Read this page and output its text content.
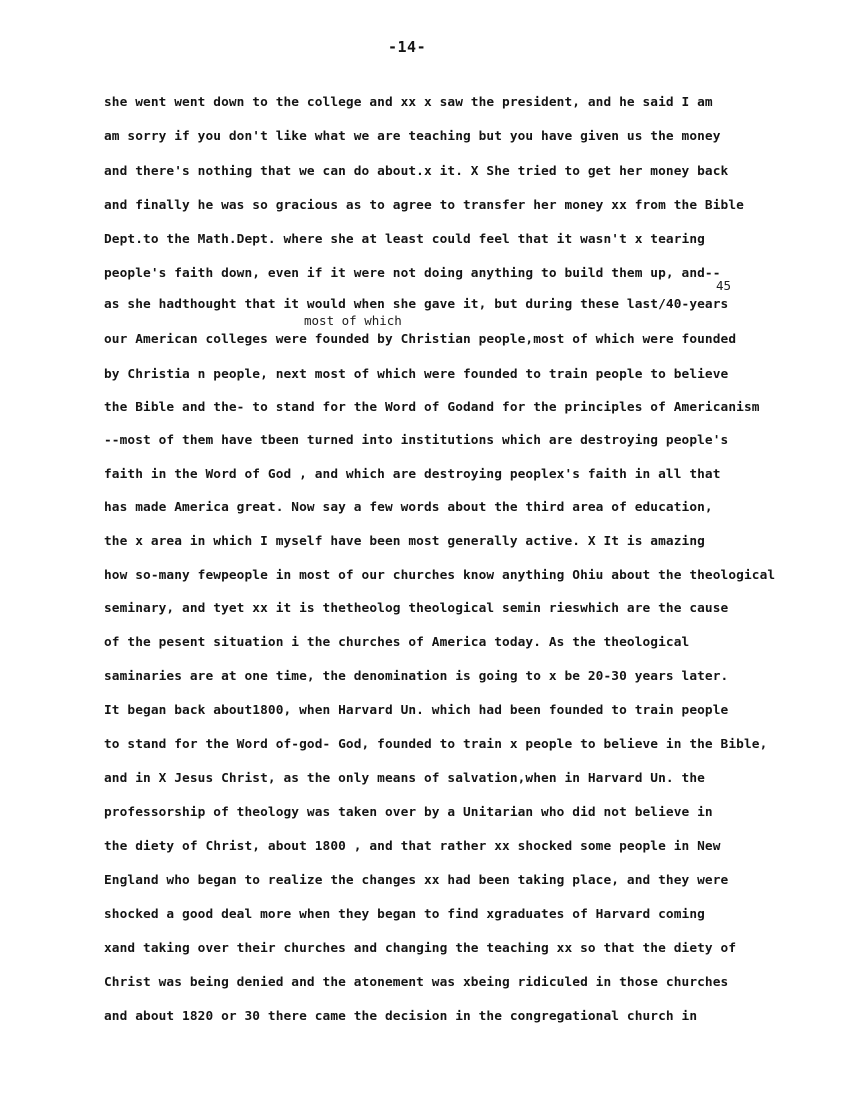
-14-
45
most of which
she went went down to the college and xx x saw the president, and he said I am
am sorry if you don't like what we are teaching but you have given us the money
and there's nothing that we can do about.x it. X She tried to get her money back
and finally he was so gracious as to agree to transfer her money xx from the Bible
Dept.to the Math.Dept. where she at least could feel that it wasn't x tearing
people's faith down, even if it were not doing anything to build them up, and--
as she hadthought that it would when she gave it, but during these last/40-years
our American colleges were founded by Christian people,most of which were founded
by Christia n people, next most of which were founded to train people to believe
the Bible and the- to stand for the Word of Godand for the principles of Americanism
--most of them have tbeen turned into institutions which are destroying people's
faith in the Word of God , and which are destroying peoplex's faith in all that
has made America great. Now say a few words about the third area of education,
the x area in which I myself have been most generally active. X It is amazing
how so-many fewpeople in most of our churches know anything Ohiu about the theological
seminary, and tyet xx it is thetheolog theological semin rieswhich are the cause
of the pesent situation i the churches of America today. As the theological
saminaries are at one time, the denomination is going to x be 20-30 years later.
It began back about1800, when Harvard Un. which had been founded to train people
to stand for the Word of-god- God, founded to train x people to believe in the Bible,
and in X Jesus Christ, as the only means of salvation,when in Harvard Un. the
professorship of theology was taken over by a Unitarian who did not believe in
the diety of Christ, about 1800 , and that rather xx shocked some people in New
England who began to realize the changes xx had been taking place, and they were
shocked a good deal more when they began to find xgraduates of Harvard coming
xand taking over their churches and changing the teaching xx so that the diety of
Christ was being denied and the atonement was xbeing ridiculed in those churches
and about 1820 or 30 there came the decision in the congregational church in
